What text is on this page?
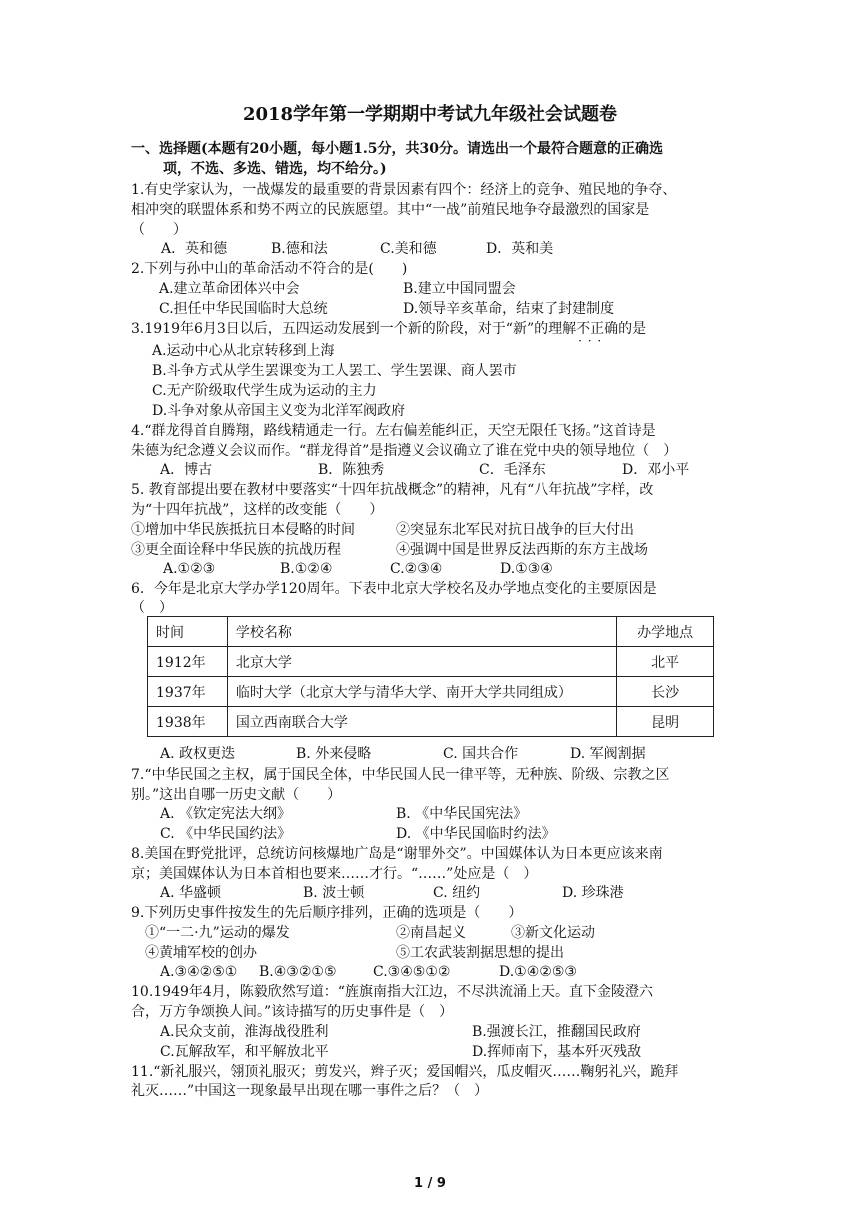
2018学年第一学期期中考试九年级社会试题卷
一、选择题(本题有20小题，每小题1.5分，共30分。请选出一个最符合题意的正确选
项，不选、多选、错选，均不给分。)
1.有史学家认为，一战爆发的最重要的背景因素有四个：经济上的竞争、殖民地的争夺、
相冲突的联盟体系和势不两立的民族愿望。其中“一战”前殖民地争夺最激烈的国家是
（　　）
A．英和德	B.德和法	C.美和德	D．英和美
2.下列与孙中山的革命活动不符合的是(　　)
A.建立革命团体兴中会	B.建立中国同盟会
C.担任中华民国临时大总统	D.领导辛亥革命，结束了封建制度
3.1919年6月3日以后，五四运动发展到一个新的阶段，对于“新”的理解不正确 · · ·的是
A.运动中心从北京转移到上海
B.斗争方式从学生罢课变为工人罢工、学生罢课、商人罢市
C.无产阶级取代学生成为运动的主力
D.斗争对象从帝国主义变为北洋军阀政府
4.“群龙得首自腾翔，路线精通走一行。左右偏差能纠正，天空无限任飞扬。”这首诗是
朱德为纪念遵义会议而作。“群龙得首”是指遵义会议确立了谁在党中央的领导地位（　）
A．博古	B．陈独秀	C．毛泽东	D．邓小平
5. 教育部提出要在教材中要落实“十四年抗战概念”的精神，凡有“八年抗战”字样，改
为“十四年抗战”，这样的改变能（　　）
①增加中华民族抵抗日本侵略的时间	②突显东北军民对抗日战争的巨大付出
③更全面诠释中华民族的抗战历程	④强调中国是世界反法西斯的东方主战场
A.①②③	B.①②④	C.②③④	D.①③④
6．今年是北京大学办学120周年。下表中北京大学校名及办学地点变化的主要原因是
（　）
时间	学校名称	办学地点
1912年	北京大学	北平
1937年	临时大学（北京大学与清华大学、南开大学共同组成）	长沙
1938年	国立西南联合大学	昆明
A. 政权更迭	B. 外来侵略	C. 国共合作	D. 军阀割据
7.“中华民国之主权，属于国民全体，中华民国人民一律平等，无种族、阶级、宗教之区
别。”这出自哪一历史文献（　　）
A. 《钦定宪法大纲》	B. 《中华民国宪法》
C. 《中华民国约法》	D. 《中华民国临时约法》
8.美国在野党批评，总统访问核爆地广岛是“谢罪外交”。中国媒体认为日本更应该来南
京；美国媒体认为日本首相也要来……才行。“……”处应是（　）
A. 华盛顿	B. 波士顿	C. 纽约	D. 珍珠港
9.下列历史事件按发生的先后顺序排列，正确的选项是（　　）
①“一二·九”运动的爆发	②南昌起义	③新文化运动
④黄埔军校的创办	⑤工农武装割据思想的提出
A.③④②⑤① B.④③②①⑤	C.③④⑤①②	D.①④②⑤③
10.1949年4月，陈毅欣然写道：“旌旗南指大江边，不尽洪流涌上天。直下金陵澄六
合，万方争颂换人间。”该诗描写的历史事件是（　）
A.民众支前，淮海战役胜利	B.强渡长江，推翻国民政府
C.瓦解敌军，和平解放北平	D.挥师南下，基本歼灭残敌
11.“新礼服兴，翎顶礼服灭；剪发兴，辫子灭；爱国帽兴，瓜皮帽灭……鞠躬礼兴，跪拜
礼灭……”中国这一现象最早出现在哪一事件之后？（　）
1 / 9
